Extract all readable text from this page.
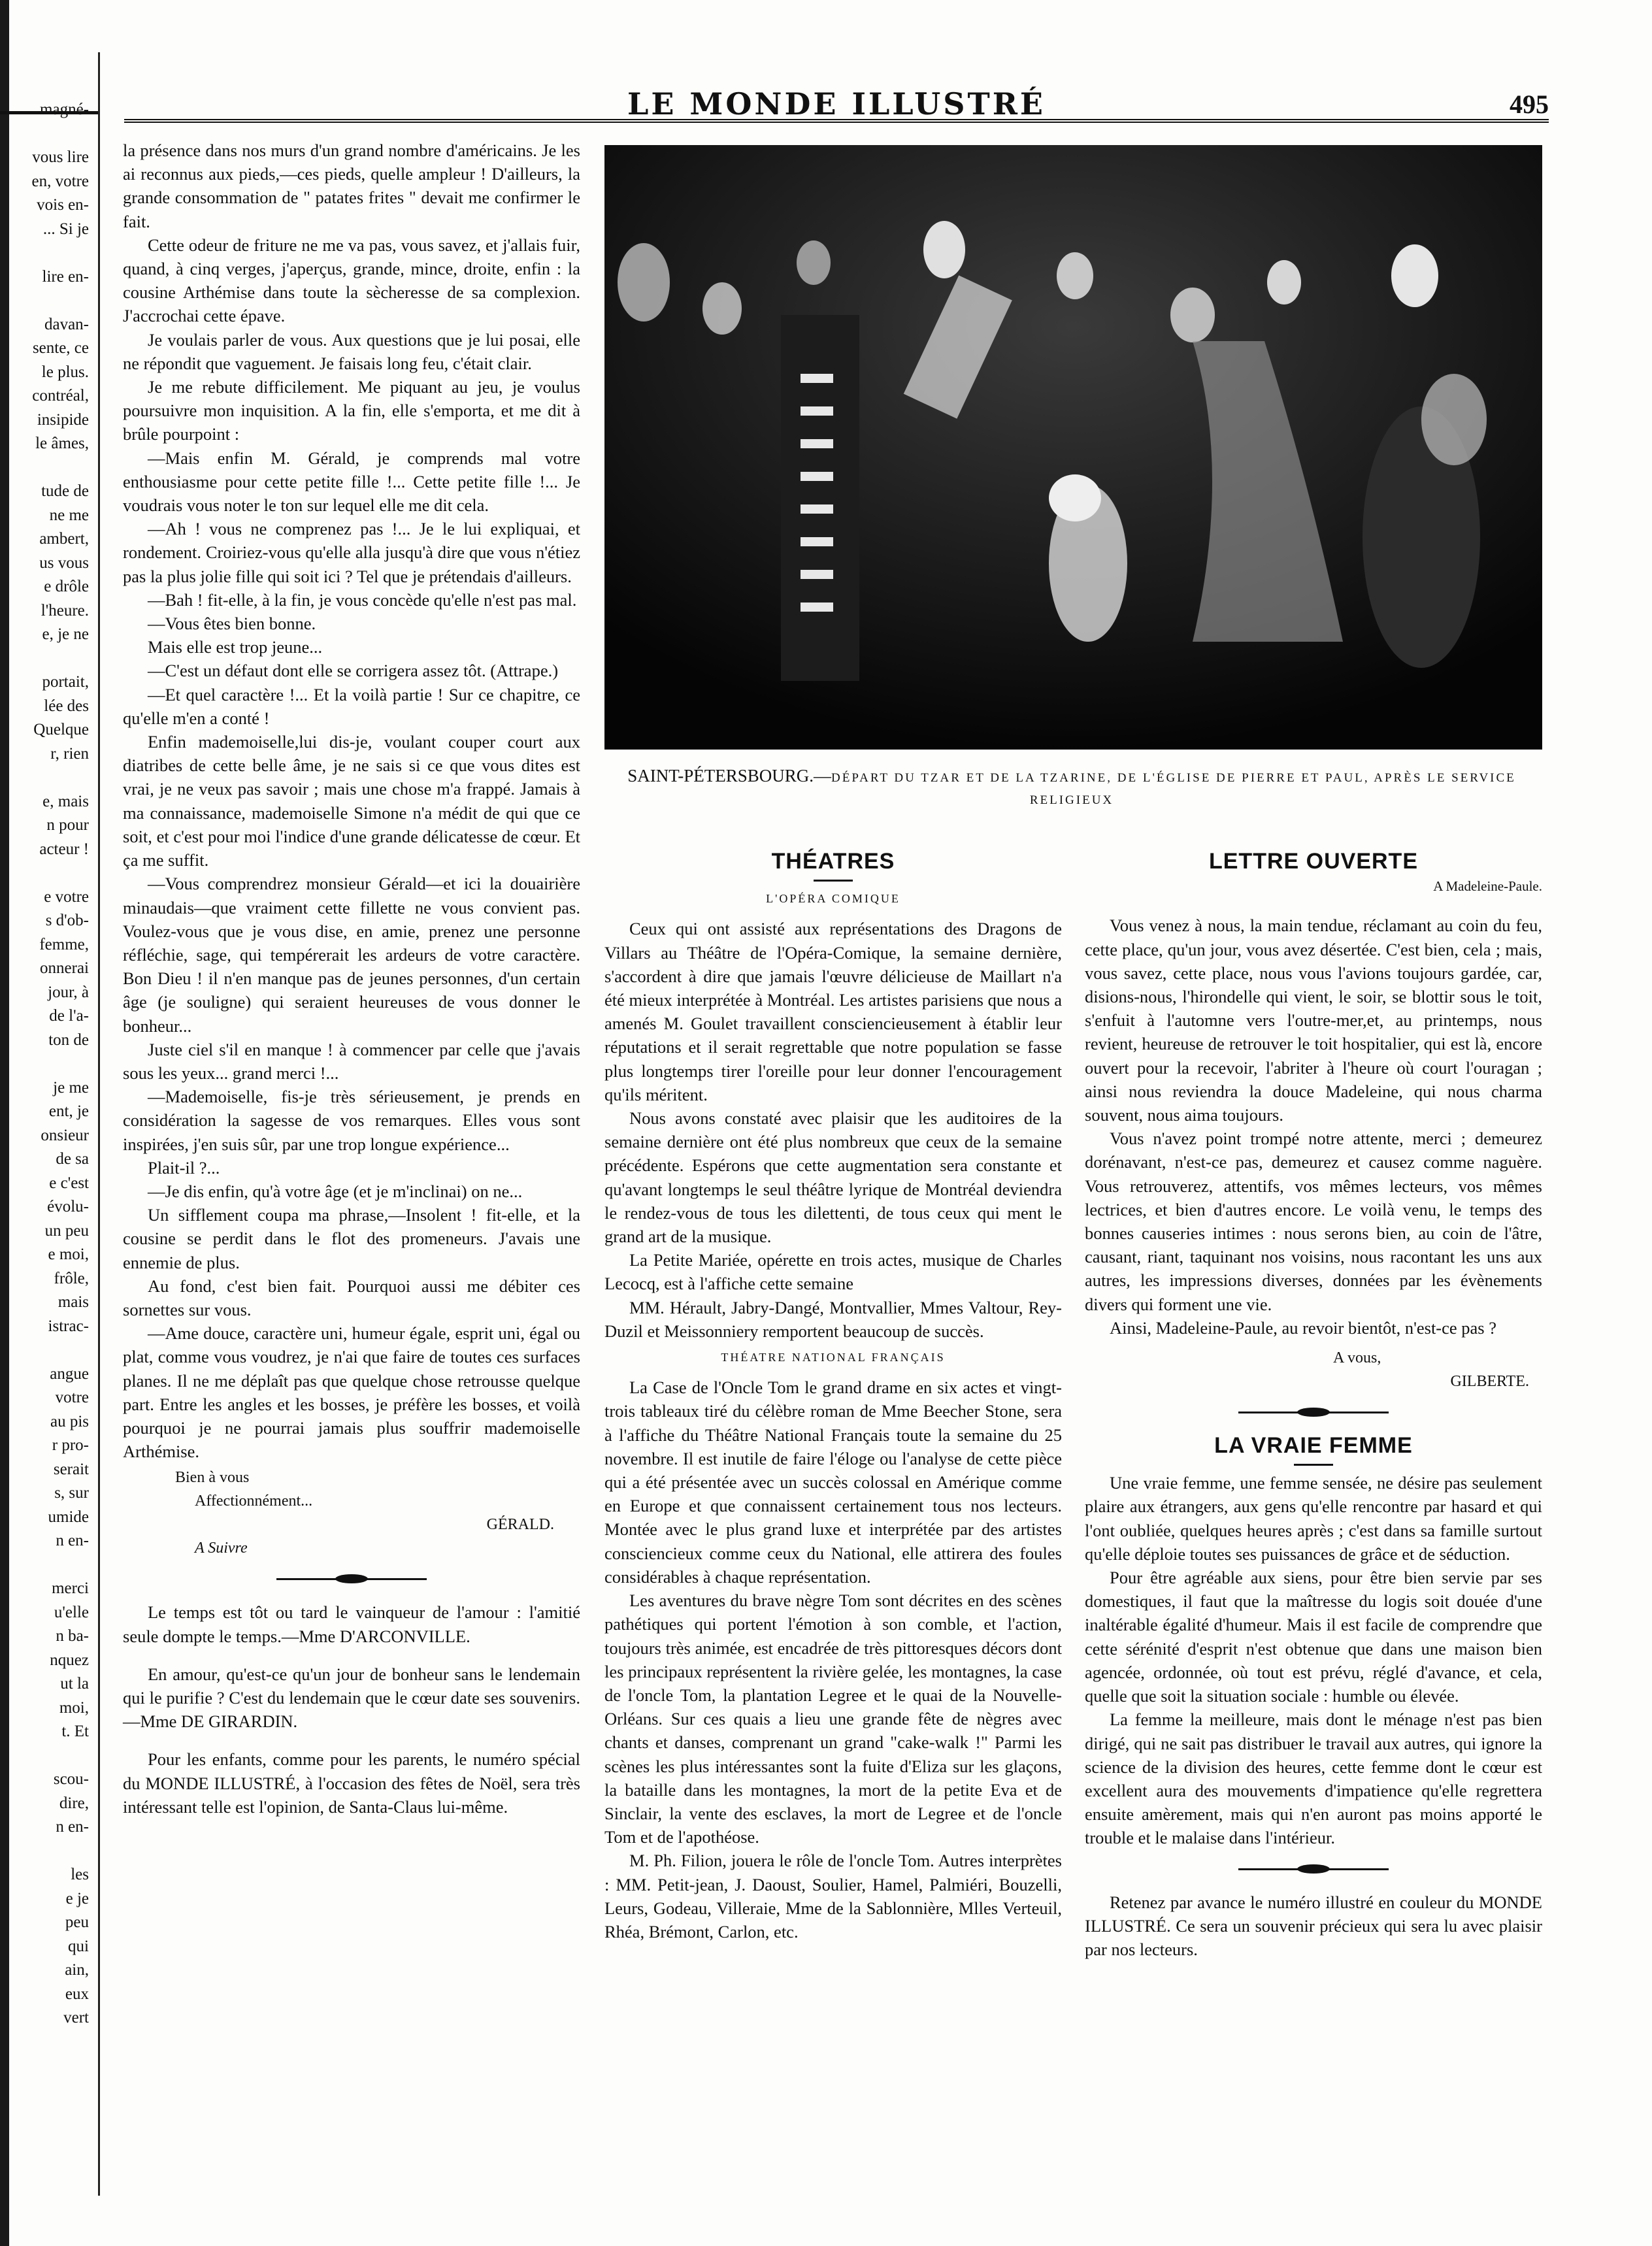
magné-
vous lire
en, votre
vois en-
... Si je
lire en-
davan-
sente, ce
le plus.
contréal,
insipide
le âmes,
tude de
ne me
ambert,
us vous
e drôle
l'heure.
e, je ne
portait,
lée des
Quelque
r, rien
e, mais
n pour
acteur !
e votre
s d'ob-
femme,
onnerai
jour, à
de l'a-
ton de
je me
ent, je
onsieur
de sa
e c'est
évolu-
un peu
e moi,
frôle,
mais
istrac-
angue
votre
au pis
r pro-
serait
s, sur
umide
n en-
merci
u'elle
n ba-
nquez
ut la
moi,
t. Et
scou-
dire,
n en-
les
e je
peu
qui
ain,
eux
vert
LE MONDE ILLUSTRÉ	495

la présence dans nos murs d'un grand nombre d'américains. Je les ai reconnus aux pieds,—ces pieds, quelle ampleur ! D'ailleurs, la grande consommation de " patates frites " devait me confirmer le fait.

Cette odeur de friture ne me va pas, vous savez, et j'allais fuir, quand, à cinq verges, j'aperçus, grande, mince, droite, enfin : la cousine Arthémise dans toute la sècheresse de sa complexion. J'accrochai cette épave.

Je voulais parler de vous. Aux questions que je lui posai, elle ne répondit que vaguement. Je faisais long feu, c'était clair.

Je me rebute difficilement. Me piquant au jeu, je voulus poursuivre mon inquisition. A la fin, elle s'emporta, et me dit à brûle pourpoint :

—Mais enfin M. Gérald, je comprends mal votre enthousiasme pour cette petite fille !... Cette petite fille !... Je voudrais vous noter le ton sur lequel elle me dit cela.

—Ah ! vous ne comprenez pas !... Je le lui expliquai, et rondement. Croiriez-vous qu'elle alla jusqu'à dire que vous n'étiez pas la plus jolie fille qui soit ici ? Tel que je prétendais d'ailleurs.

—Bah ! fit-elle, à la fin, je vous concède qu'elle n'est pas mal.

—Vous êtes bien bonne.

Mais elle est trop jeune...

—C'est un défaut dont elle se corrigera assez tôt. (Attrape.)

—Et quel caractère !... Et la voilà partie ! Sur ce chapitre, ce qu'elle m'en a conté !

Enfin mademoiselle,lui dis-je, voulant couper court aux diatribes de cette belle âme, je ne sais si ce que vous dites est vrai, je ne veux pas savoir ; mais une chose m'a frappé. Jamais à ma connaissance, mademoiselle Simone n'a médit de qui que ce soit, et c'est pour moi l'indice d'une grande délicatesse de cœur. Et ça me suffit.

—Vous comprendrez monsieur Gérald—et ici la douairière minaudais—que vraiment cette fillette ne vous convient pas. Voulez-vous que je vous dise, en amie, prenez une personne réfléchie, sage, qui tempérerait les ardeurs de votre caractère. Bon Dieu ! il n'en manque pas de jeunes personnes, d'un certain âge (je souligne) qui seraient heureuses de vous donner le bonheur...

Juste ciel s'il en manque ! à commencer par celle que j'avais sous les yeux... grand merci !...

—Mademoiselle, fis-je très sérieusement, je prends en considération la sagesse de vos remarques. Elles vous sont inspirées, j'en suis sûr, par une trop longue expérience...

Plait-il ?...

—Je dis enfin, qu'à votre âge (et je m'inclinai) on ne...

Un sifflement coupa ma phrase,—Insolent ! fit-elle, et la cousine se perdit dans le flot des promeneurs. J'avais une ennemie de plus.

Au fond, c'est bien fait. Pourquoi aussi me débiter ces sornettes sur vous.

—Ame douce, caractère uni, humeur égale, esprit uni, égal ou plat, comme vous voudrez, je n'ai que faire de toutes ces surfaces planes. Il ne me déplaît pas que quelque chose retrousse quelque part. Entre les angles et les bosses, je préfère les bosses, et voilà pourquoi je ne pourrai jamais plus souffrir mademoiselle Arthémise.

Bien à vous
Affectionnément...
GÉRALD.
A Suivre

Le temps est tôt ou tard le vainqueur de l'amour : l'amitié seule dompte le temps.—Mme D'ARCONVILLE.

En amour, qu'est-ce qu'un jour de bonheur sans le lendemain qui le purifie ? C'est du lendemain que le cœur date ses souvenirs.—Mme DE GIRARDIN.

Pour les enfants, comme pour les parents, le numéro spécial du MONDE ILLUSTRÉ, à l'occasion des fêtes de Noël, sera très intéressant telle est l'opinion, de Santa-Claus lui-même.

SAINT-PÉTERSBOURG.—DÉPART DU TZAR ET DE LA TZARINE, DE L'ÉGLISE DE PIERRE ET PAUL, APRÈS LE SERVICE RELIGIEUX
THÉATRES
L'OPÉRA COMIQUE

Ceux qui ont assisté aux représentations des Dragons de Villars au Théâtre de l'Opéra-Comique, la semaine dernière, s'accordent à dire que jamais l'œuvre délicieuse de Maillart n'a été mieux interprétée à Montréal. Les artistes parisiens que nous a amenés M. Goulet travaillent consciencieusement à établir leur réputations et il serait regrettable que notre population se fasse plus longtemps tirer l'oreille pour leur donner l'encouragement qu'ils méritent.

Nous avons constaté avec plaisir que les auditoires de la semaine dernière ont été plus nombreux que ceux de la semaine précédente. Espérons que cette augmentation sera constante et qu'avant longtemps le seul théâtre lyrique de Montréal deviendra le rendez-vous de tous les dilettenti, de tous ceux qui ment le grand art de la musique.

La Petite Mariée, opérette en trois actes, musique de Charles Lecocq, est à l'affiche cette semaine

MM. Hérault, Jabry-Dangé, Montvallier, Mmes Valtour, Rey-Duzil et Meissonniery remportent beaucoup de succès.

THÉATRE NATIONAL FRANÇAIS

La Case de l'Oncle Tom le grand drame en six actes et vingt-trois tableaux tiré du célèbre roman de Mme Beecher Stone, sera à l'affiche du Théâtre National Français toute la semaine du 25 novembre. Il est inutile de faire l'éloge ou l'analyse de cette pièce qui a été présentée avec un succès colossal en Amérique comme en Europe et que connaissent certainement tous nos lecteurs. Montée avec le plus grand luxe et interprétée par des artistes consciencieux comme ceux du National, elle attirera des foules considérables à chaque représentation.

Les aventures du brave nègre Tom sont décrites en des scènes pathétiques qui portent l'émotion à son comble, et l'action, toujours très animée, est encadrée de très pittoresques décors dont les principaux représentent la rivière gelée, les montagnes, la case de l'oncle Tom, la plantation Legree et le quai de la Nouvelle-Orléans. Sur ces quais a lieu une grande fête de nègres avec chants et danses, comprenant un grand "cake-walk !" Parmi les scènes les plus intéressantes sont la fuite d'Eliza sur les glaçons, la bataille dans les montagnes, la mort de la petite Eva et de Sinclair, la vente des esclaves, la mort de Legree et de l'oncle Tom et de l'apothéose.

M. Ph. Filion, jouera le rôle de l'oncle Tom. Autres interprètes : MM. Petit-jean, J. Daoust, Soulier, Hamel, Palmiéri, Bouzelli, Leurs, Godeau, Villeraie, Mme de la Sablonnière, Mlles Verteuil, Rhéa, Brémont, Carlon, etc.

LETTRE OUVERTE
A Madeleine-Paule.

Vous venez à nous, la main tendue, réclamant au coin du feu, cette place, qu'un jour, vous avez désertée. C'est bien, cela ; mais, vous savez, cette place, nous vous l'avions toujours gardée, car, disions-nous, l'hirondelle qui vient, le soir, se blottir sous le toit, s'enfuit à l'automne vers l'outre-mer,et, au printemps, nous revient, heureuse de retrouver le toit hospitalier, qui est là, encore ouvert pour la recevoir, l'abriter à l'heure où court l'ouragan ; ainsi nous reviendra la douce Madeleine, qui nous charma souvent, nous aima toujours.

Vous n'avez point trompé notre attente, merci ; demeurez dorénavant, n'est-ce pas, demeurez et causez comme naguère. Vous retrouverez, attentifs, vos mêmes lecteurs, vos mêmes lectrices, et bien d'autres encore. Le voilà venu, le temps des bonnes causeries intimes : nous serons bien, au coin de l'âtre, causant, riant, taquinant nos voisins, nous racontant les uns aux autres, les impressions diverses, données par les évènements divers qui forment une vie.

Ainsi, Madeleine-Paule, au revoir bientôt, n'est-ce pas ?

A vous,
GILBERTE.
LA VRAIE FEMME

Une vraie femme, une femme sensée, ne désire pas seulement plaire aux étrangers, aux gens qu'elle rencontre par hasard et qui l'ont oubliée, quelques heures après ; c'est dans sa famille surtout qu'elle déploie toutes ses puissances de grâce et de séduction.

Pour être agréable aux siens, pour être bien servie par ses domestiques, il faut que la maîtresse du logis soit douée d'une inaltérable égalité d'humeur. Mais il est facile de comprendre que cette sérénité d'esprit n'est obtenue que dans une maison bien agencée, ordonnée, où tout est prévu, réglé d'avance, et cela, quelle que soit la situation sociale : humble ou élevée.

La femme la meilleure, mais dont le ménage n'est pas bien dirigé, qui ne sait pas distribuer le travail aux autres, qui ignore la science de la division des heures, cette femme dont le cœur est excellent aura des mouvements d'impatience qu'elle regrettera ensuite amèrement, mais qui n'en auront pas moins apporté le trouble et le malaise dans l'intérieur.

Retenez par avance le numéro illustré en couleur du MONDE ILLUSTRÉ. Ce sera un souvenir précieux qui sera lu avec plaisir par nos lecteurs.
